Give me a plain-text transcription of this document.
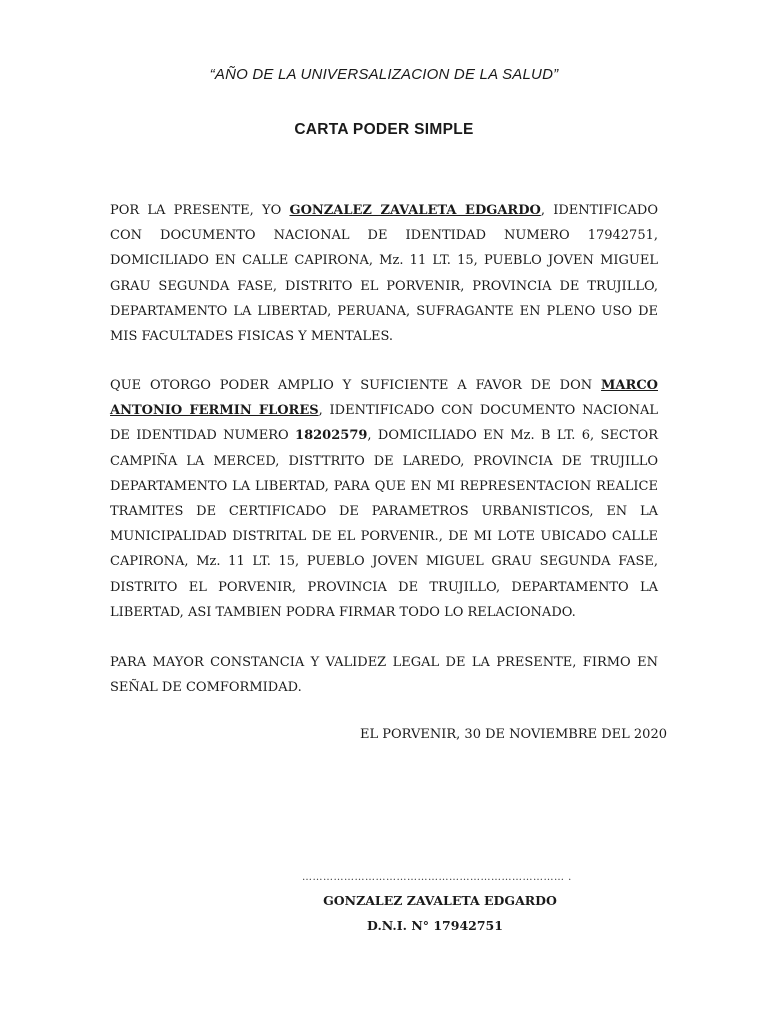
“AÑO DE LA UNIVERSALIZACION DE LA SALUD”
CARTA PODER SIMPLE

POR LA PRESENTE, YO GONZALEZ ZAVALETA EDGARDO, IDENTIFICADO CON DOCUMENTO NACIONAL DE IDENTIDAD NUMERO 17942751, DOMICILIADO EN CALLE CAPIRONA, Mz. 11 LT. 15, PUEBLO JOVEN MIGUEL GRAU SEGUNDA FASE, DISTRITO EL PORVENIR, PROVINCIA DE TRUJILLO, DEPARTAMENTO LA LIBERTAD, PERUANA, SUFRAGANTE EN PLENO USO DE MIS FACULTADES FISICAS Y MENTALES.

QUE OTORGO PODER AMPLIO Y SUFICIENTE A FAVOR DE DON MARCO ANTONIO FERMIN FLORES, IDENTIFICADO CON DOCUMENTO NACIONAL DE IDENTIDAD NUMERO 18202579, DOMICILIADO EN Mz. B LT. 6, SECTOR CAMPIÑA LA MERCED, DISTTRITO DE LAREDO, PROVINCIA DE TRUJILLO DEPARTAMENTO LA LIBERTAD, PARA QUE EN MI REPRESENTACION REALICE TRAMITES DE CERTIFICADO DE PARAMETROS URBANISTICOS, EN LA MUNICIPALIDAD DISTRITAL DE EL PORVENIR., DE MI LOTE UBICADO CALLE CAPIRONA, Mz. 11 LT. 15, PUEBLO JOVEN MIGUEL GRAU SEGUNDA FASE, DISTRITO EL PORVENIR, PROVINCIA DE TRUJILLO, DEPARTAMENTO LA LIBERTAD, ASI TAMBIEN PODRA FIRMAR TODO LO RELACIONADO.

PARA MAYOR CONSTANCIA Y VALIDEZ LEGAL DE LA PRESENTE, FIRMO EN SEÑAL DE COMFORMIDAD.

EL PORVENIR, 30 DE NOVIEMBRE DEL 2020
………………………………………………………………… .
GONZALEZ ZAVALETA EDGARDO
D.N.I. N° 17942751
